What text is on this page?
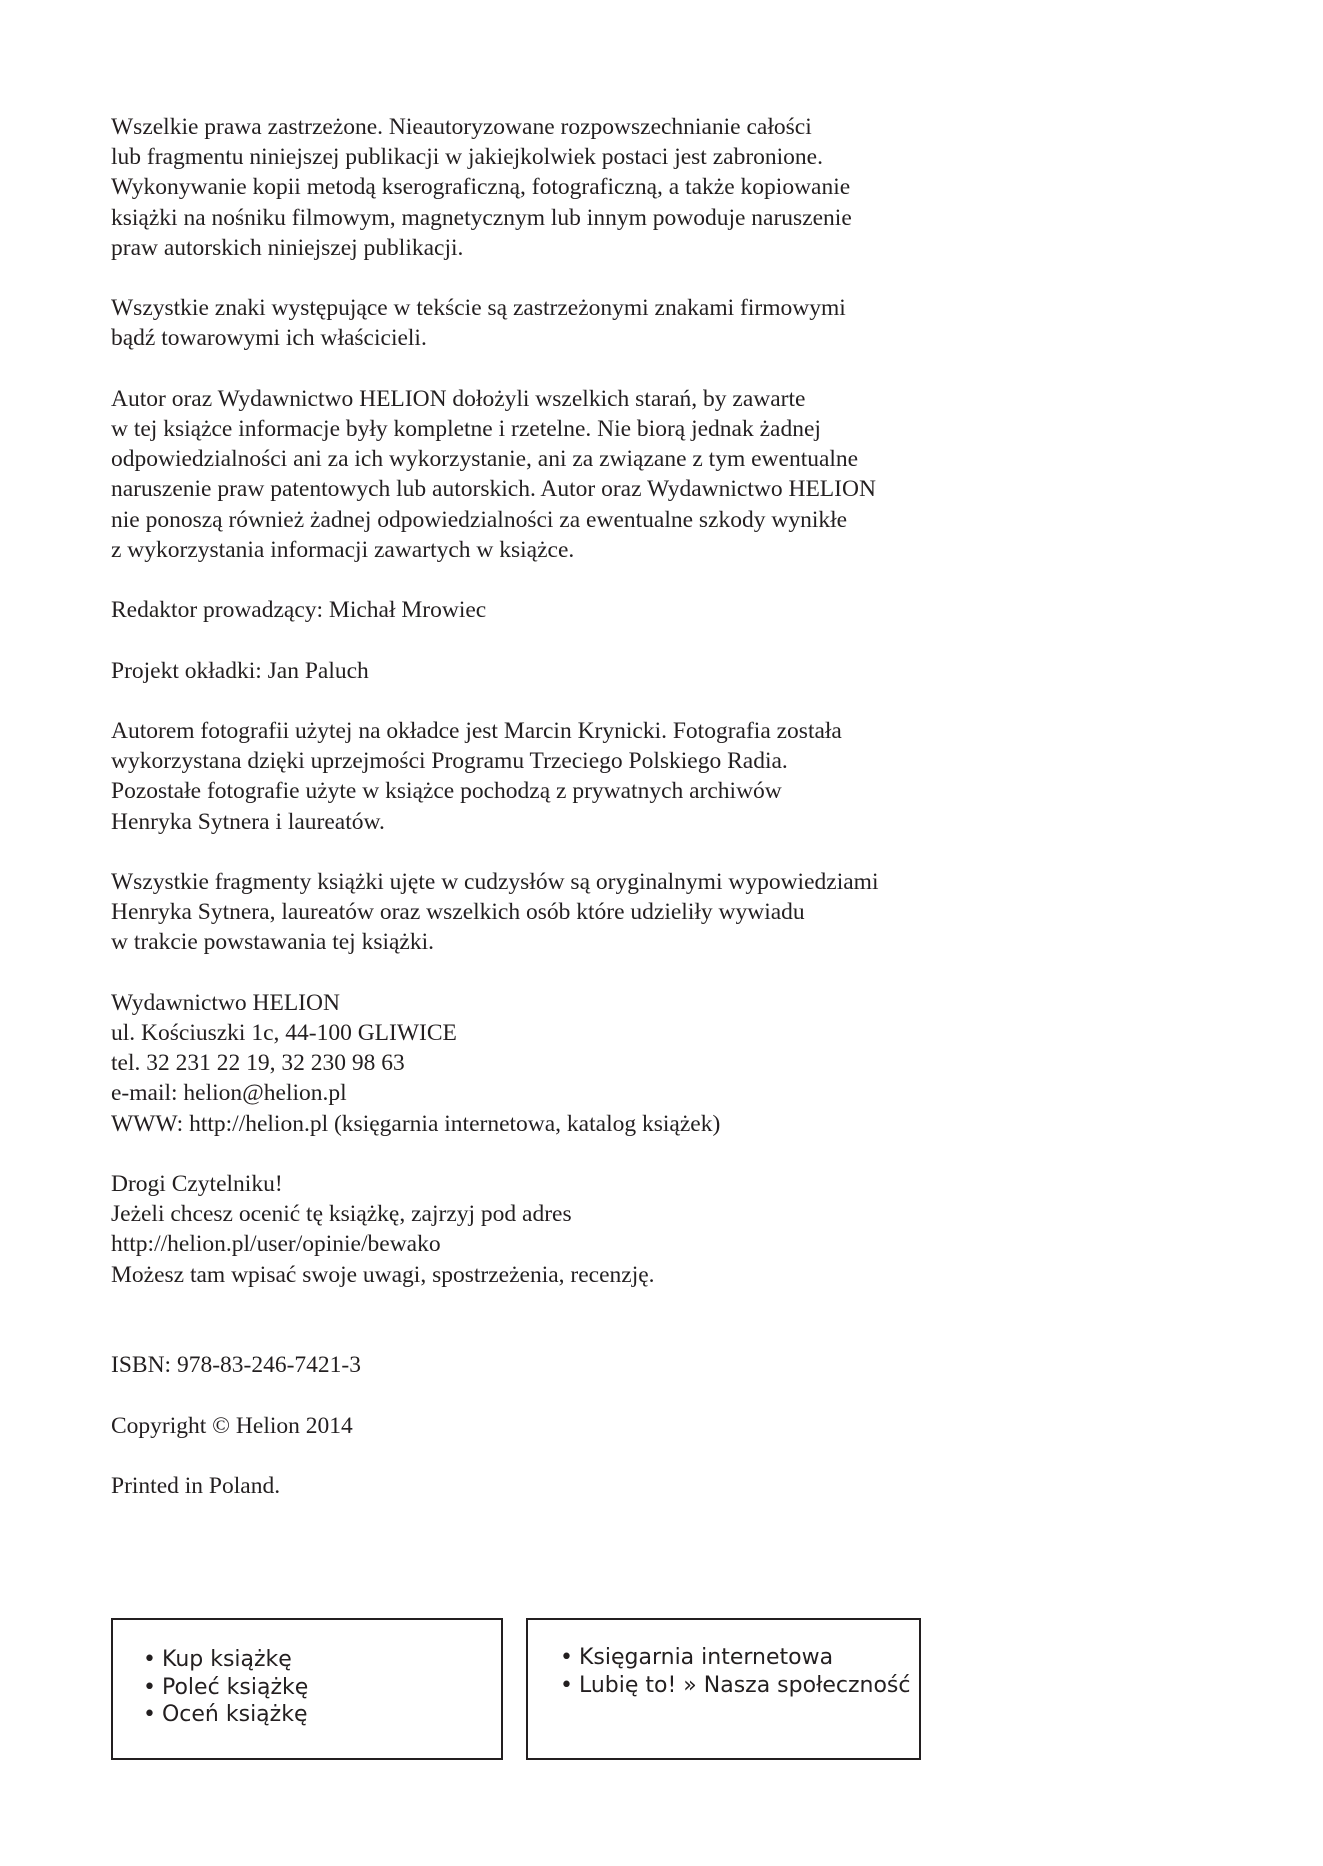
Wszelkie prawa zastrzeżone. Nieautoryzowane rozpowszechnianie całości
lub fragmentu niniejszej publikacji w jakiejkolwiek postaci jest zabronione.
Wykonywanie kopii metodą kserograficzną, fotograficzną, a także kopiowanie
książki na nośniku filmowym, magnetycznym lub innym powoduje naruszenie
praw autorskich niniejszej publikacji.

Wszystkie znaki występujące w tekście są zastrzeżonymi znakami firmowymi
bądź towarowymi ich właścicieli.

Autor oraz Wydawnictwo HELION dołożyli wszelkich starań, by zawarte
w tej książce informacje były kompletne i rzetelne. Nie biorą jednak żadnej
odpowiedzialności ani za ich wykorzystanie, ani za związane z tym ewentualne
naruszenie praw patentowych lub autorskich. Autor oraz Wydawnictwo HELION
nie ponoszą również żadnej odpowiedzialności za ewentualne szkody wynikłe
z wykorzystania informacji zawartych w książce.

Redaktor prowadzący: Michał Mrowiec

Projekt okładki: Jan Paluch

Autorem fotografii użytej na okładce jest Marcin Krynicki. Fotografia została
wykorzystana dzięki uprzejmości Programu Trzeciego Polskiego Radia.
Pozostałe fotografie użyte w książce pochodzą z prywatnych archiwów
Henryka Sytnera i laureatów.

Wszystkie fragmenty książki ujęte w cudzysłów są oryginalnymi wypowiedziami
Henryka Sytnera, laureatów oraz wszelkich osób które udzieliły wywiadu
w trakcie powstawania tej książki.

Wydawnictwo HELION
ul. Kościuszki 1c, 44-100 GLIWICE
tel. 32 231 22 19, 32 230 98 63
e-mail: helion@helion.pl
WWW: http://helion.pl (księgarnia internetowa, katalog książek)

Drogi Czytelniku!
Jeżeli chcesz ocenić tę książkę, zajrzyj pod adres
http://helion.pl/user/opinie/bewako
Możesz tam wpisać swoje uwagi, spostrzeżenia, recenzję.

ISBN: 978-83-246-7421-3

Copyright © Helion 2014

Printed in Poland.

• Kup książkę
• Poleć książkę
• Oceń książkę
• Księgarnia internetowa
• Lubię to! » Nasza społeczność
